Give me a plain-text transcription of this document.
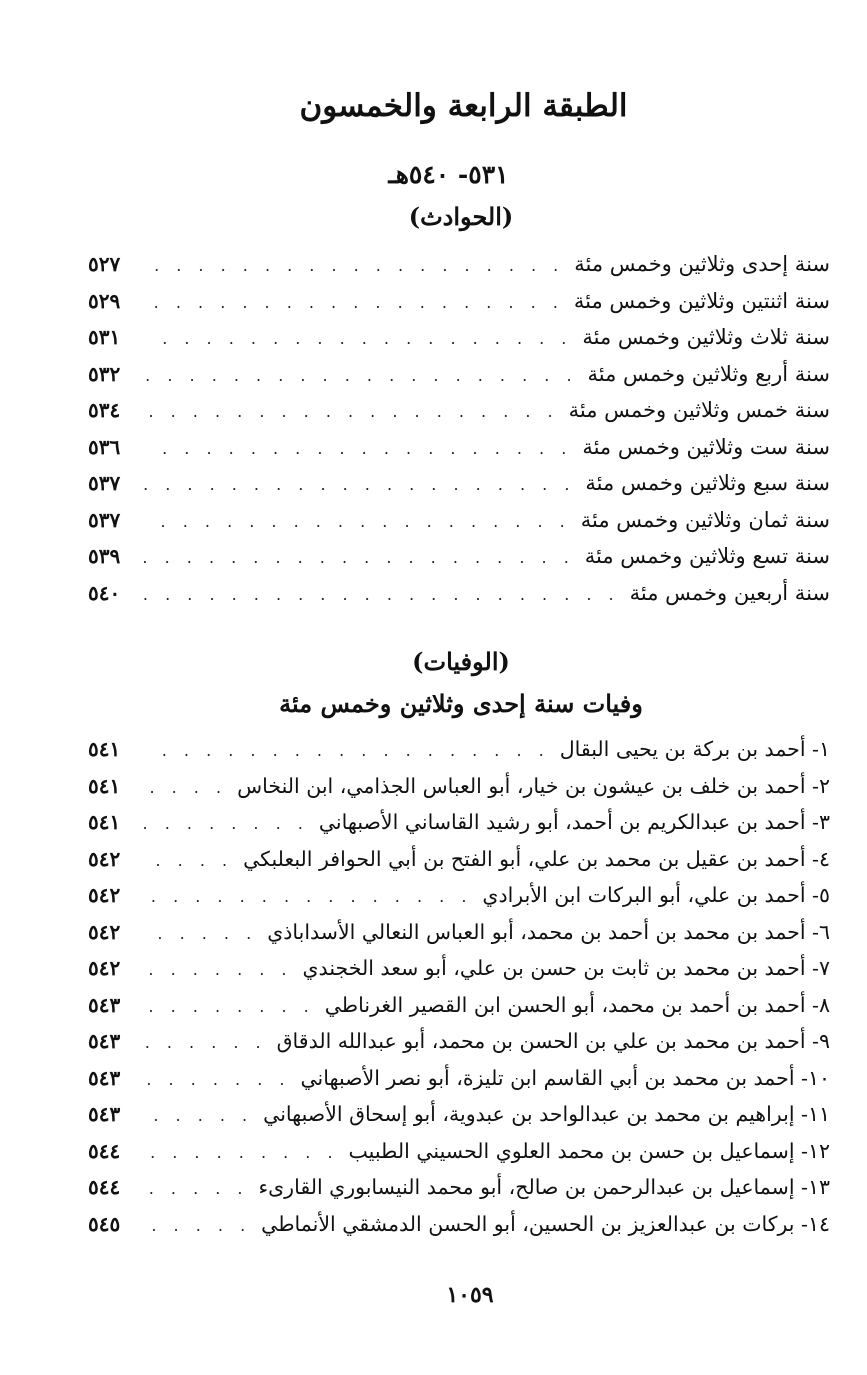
الطبقة الرابعة والخمسون
٥٣١- ٥٤٠هـ
(الحوادث)
سنة إحدى وثلاثين وخمس مئة
. . .
٥٢٧
سنة اثنتين وثلاثين وخمس مئة
. . .
٥٢٩
سنة ثلاث وثلاثين وخمس مئة
. . .
٥٣١
سنة أربع وثلاثين وخمس مئة
. . .
٥٣٢
سنة خمس وثلاثين وخمس مئة
. . .
٥٣٤
سنة ست وثلاثين وخمس مئة
. . .
٥٣٦
سنة سبع وثلاثين وخمس مئة
. . .
٥٣٧
سنة ثمان وثلاثين وخمس مئة
. . .
٥٣٧
سنة تسع وثلاثين وخمس مئة
. . .
٥٣٩
سنة أربعين وخمس مئة
. . .
٥٤٠
(الوفيات)
وفيات سنة إحدى وثلاثين وخمس مئة
١- أحمد بن بركة بن يحيى البقال
. . .
٥٤١
٢- أحمد بن خلف بن عيشون بن خيار، أبو العباس الجذامي، ابن النخاس
. . .
٥٤١
٣- أحمد بن عبدالكريم بن أحمد، أبو رشيد القاساني الأصبهاني
. . .
٥٤١
٤- أحمد بن عقيل بن محمد بن علي، أبو الفتح بن أبي الحوافر البعلبكي
. . .
٥٤٢
٥- أحمد بن علي، أبو البركات ابن الأبرادي
. . .
٥٤٢
٦- أحمد بن محمد بن أحمد بن محمد، أبو العباس النعالي الأسداباذي
. . .
٥٤٢
٧- أحمد بن محمد بن ثابت بن حسن بن علي، أبو سعد الخجندي
. . .
٥٤٢
٨- أحمد بن أحمد بن محمد، أبو الحسن ابن القصير الغرناطي
. . .
٥٤٣
٩- أحمد بن محمد بن علي بن الحسن بن محمد، أبو عبدالله الدقاق
. . .
٥٤٣
١٠- أحمد بن محمد بن أبي القاسم ابن تليزة، أبو نصر الأصبهاني
. . .
٥٤٣
١١- إبراهيم بن محمد بن عبدالواحد بن عبدوية، أبو إسحاق الأصبهاني
. . .
٥٤٣
١٢- إسماعيل بن حسن بن محمد العلوي الحسيني الطبيب
. . .
٥٤٤
١٣- إسماعيل بن عبدالرحمن بن صالح، أبو محمد النيسابوري القارىء
. . .
٥٤٤
١٤- بركات بن عبدالعزيز بن الحسين، أبو الحسن الدمشقي الأنماطي
. . .
٥٤٥
١٠٥٩
